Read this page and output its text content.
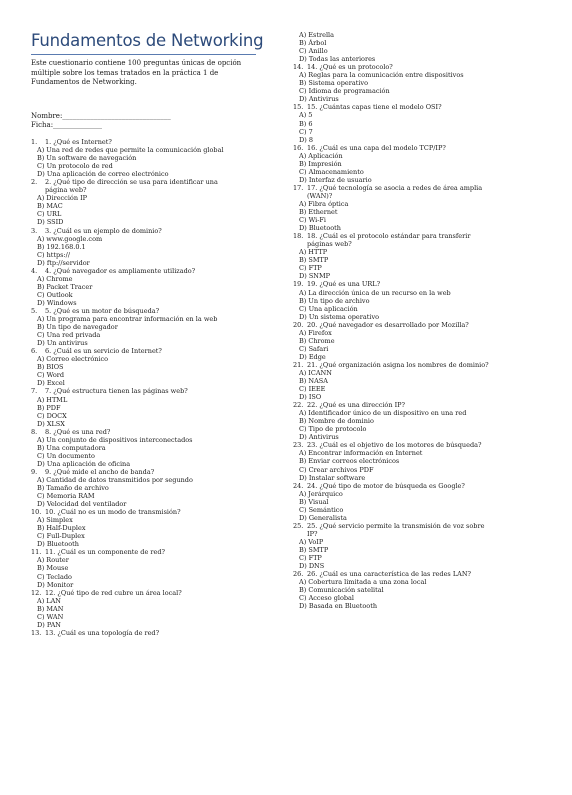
Fundamentos de Networking
Este cuestionario contiene 100 preguntas únicas de opción múltiple sobre los temas tratados en la práctica 1 de Fundamentos de Networking.
Nombre:_______________________________
Ficha:______________
1. 1. ¿Qué es Internet?
A) Una red de redes que permite la comunicación global
B) Un software de navegación
C) Un protocolo de red
D) Una aplicación de correo electrónico
2. 2. ¿Qué tipo de dirección se usa para identificar una
página web?
A) Dirección IP
B) MAC
C) URL
D) SSID
3. 3. ¿Cuál es un ejemplo de dominio?
A) www.google.com
B) 192.168.0.1
C) https://
D) ftp://servidor
4. 4. ¿Qué navegador es ampliamente utilizado?
A) Chrome
B) Packet Tracer
C) Outlook
D) Windows
5. 5. ¿Qué es un motor de búsqueda?
A) Un programa para encontrar información en la web
B) Un tipo de navegador
C) Una red privada
D) Un antivirus
6. 6. ¿Cuál es un servicio de Internet?
A) Correo electrónico
B) BIOS
C) Word
D) Excel
7. 7. ¿Qué estructura tienen las páginas web?
A) HTML
B) PDF
C) DOCX
D) XLSX
8. 8. ¿Qué es una red?
A) Un conjunto de dispositivos interconectados
B) Una computadora
C) Un documento
D) Una aplicación de oficina
9. 9. ¿Qué mide el ancho de banda?
A) Cantidad de datos transmitidos por segundo
B) Tamaño de archivo
C) Memoria RAM
D) Velocidad del ventilador
10. 10. ¿Cuál no es un modo de transmisión?
A) Simplex
B) Half-Duplex
C) Full-Duplex
D) Bluetooth
11. 11. ¿Cuál es un componente de red?
A) Router
B) Mouse
C) Teclado
D) Monitor
12. 12. ¿Qué tipo de red cubre un área local?
A) LAN
B) MAN
C) WAN
D) PAN
13. 13. ¿Cuál es una topología de red?
A) Estrella
B) Árbol
C) Anillo
D) Todas las anteriores
14. 14. ¿Qué es un protocolo?
A) Reglas para la comunicación entre dispositivos
B) Sistema operativo
C) Idioma de programación
D) Antivirus
15. 15. ¿Cuántas capas tiene el modelo OSI?
A) 5
B) 6
C) 7
D) 8
16. 16. ¿Cuál es una capa del modelo TCP/IP?
A) Aplicación
B) Impresión
C) Almacenamiento
D) Interfaz de usuario
17. 17. ¿Qué tecnología se asocia a redes de área amplia
(WAN)?
A) Fibra óptica
B) Ethernet
C) Wi-Fi
D) Bluetooth
18. 18. ¿Cuál es el protocolo estándar para transferir
páginas web?
A) HTTP
B) SMTP
C) FTP
D) SNMP
19. 19. ¿Qué es una URL?
A) La dirección única de un recurso en la web
B) Un tipo de archivo
C) Una aplicación
D) Un sistema operativo
20. 20. ¿Qué navegador es desarrollado por Mozilla?
A) Firefox
B) Chrome
C) Safari
D) Edge
21. 21. ¿Qué organización asigna los nombres de dominio?
A) ICANN
B) NASA
C) IEEE
D) ISO
22. 22. ¿Qué es una dirección IP?
A) Identificador único de un dispositivo en una red
B) Nombre de dominio
C) Tipo de protocolo
D) Antivirus
23. 23. ¿Cuál es el objetivo de los motores de búsqueda?
A) Encontrar información en Internet
B) Enviar correos electrónicos
C) Crear archivos PDF
D) Instalar software
24. 24. ¿Qué tipo de motor de búsqueda es Google?
A) Jerárquico
B) Visual
C) Semántico
D) Generalista
25. 25. ¿Qué servicio permite la transmisión de voz sobre
IP?
A) VoIP
B) SMTP
C) FTP
D) DNS
26. 26. ¿Cuál es una característica de las redes LAN?
A) Cobertura limitada a una zona local
B) Comunicación satelital
C) Acceso global
D) Basada en Bluetooth
